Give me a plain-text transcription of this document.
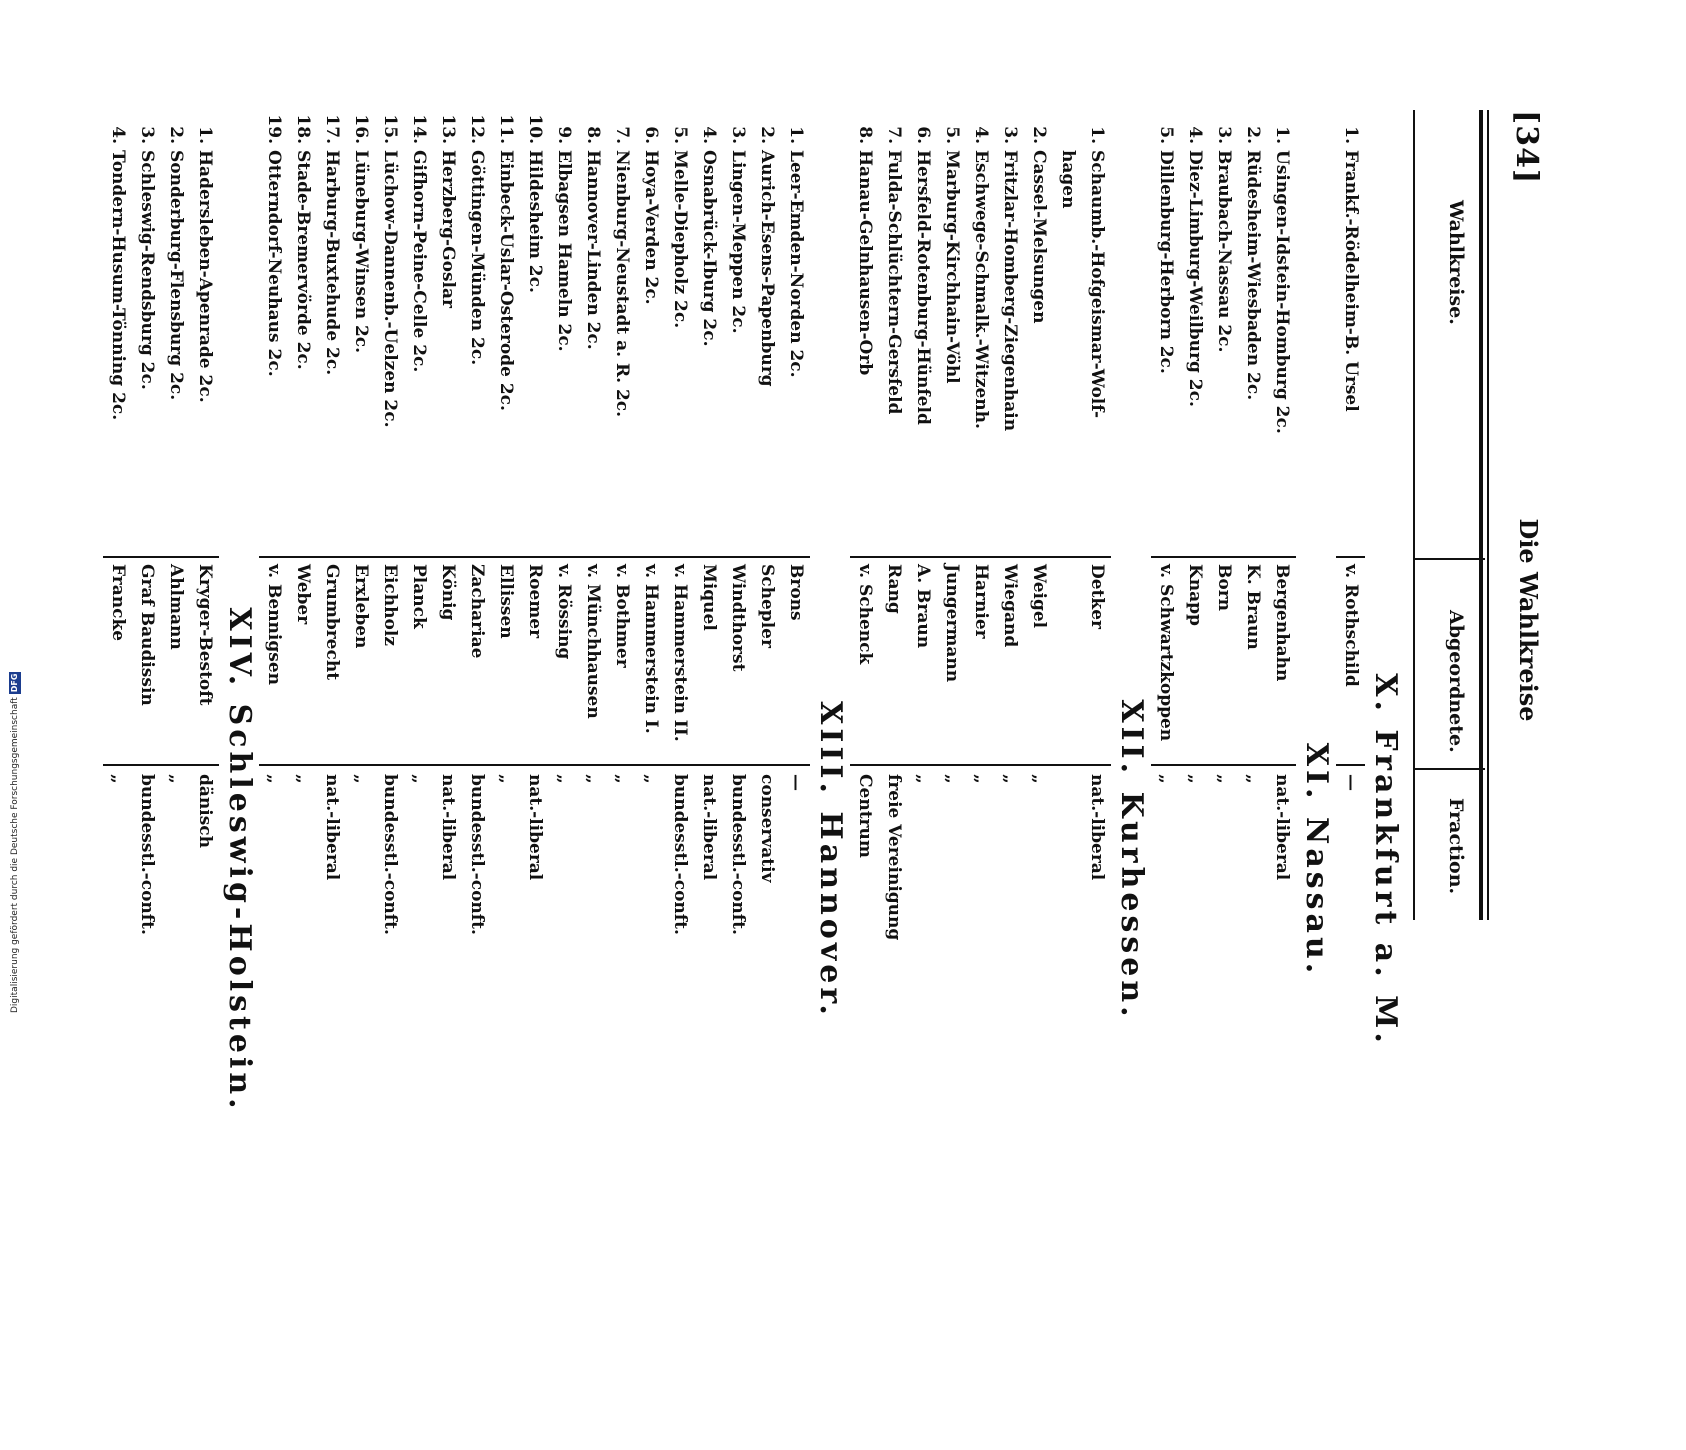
Digitalisierung gefördert durch die Deutsche Forschungsgemeinschaft
DFG
[34]
Die Wahlkreise
Wahlkreise.
Abgeordnete.
Fraction.
X. Frankfurt a. M.
1.
Frankf.-Rödelheim-B. Ursel
v. Rothschild
—
XI. Nassau.
1.
Usingen-Idstein-Homburg 2c.
Bergenhahn
nat.-liberal
2.
Rüdesheim-Wiesbaden 2c.
K. Braun
„
3.
Braubach-Nassau 2c.
Born
„
4.
Diez-Limburg-Weilburg 2c.
Knapp
„
5.
Dillenburg-Herborn 2c.
v. Schwartzkoppen
„
XII. Kurhessen.
1.
Schaumb.-Hofgeismar-Wolf-
Detker
nat.-liberal
hagen
2.
Cassel-Melsungen
Weigel
„
3.
Fritzlar-Homberg-Ziegenhain
Wiegand
„
4.
Eschwege-Schmalk.-Witzenh.
Harnier
„
5.
Marburg-Kirchhain-Vöhl
Jungermann
„
6.
Hersfeld-Rotenburg-Hünfeld
A. Braun
„
7.
Fulda-Schlüchtern-Gersfeld
Rang
freie Vereinigung
8.
Hanau-Gelnhausen-Orb
v. Schenck
Centrum
XIII. Hannover.
1.
Leer-Emden-Norden 2c.
Brons
—
2.
Aurich-Esens-Papenburg
Schepler
conservativ
3.
Lingen-Meppen 2c.
Windthorst
bundesstl.-conft.
4.
Osnabrück-Iburg 2c.
Miquel
nat.-liberal
5.
Melle-Diepholz 2c.
v. Hammerstein II.
bundesstl.-conft.
6.
Hoya-Verden 2c.
v. Hammerstein I.
„
7.
Nienburg-Neustadt a. R. 2c.
v. Bothmer
„
8.
Hannover-Linden 2c.
v. Münchhausen
„
9.
Elbagsen Hameln 2c.
v. Rössing
„
10.
Hildesheim 2c.
Roemer
nat.-liberal
11.
Einbeck-Uslar-Osterode 2c.
Ellissen
„
12.
Göttingen-Münden 2c.
Zachariae
bundesstl.-conft.
13.
Herzberg-Goslar
König
nat.-liberal
14.
Gifhorn-Peine-Celle 2c.
Planck
„
15.
Lüchow-Dannenb.-Uelzen 2c.
Eichholz
bundesstl.-conft.
16.
Lüneburg-Winsen 2c.
Erxleben
„
17.
Harburg-Buxtehude 2c.
Grumbrecht
nat.-liberal
18.
Stade-Bremervörde 2c.
Weber
„
19.
Otterndorf-Neuhaus 2c.
v. Bennigsen
„
XIV. Schleswig-Holstein.
1.
Hadersleben-Apenrade 2c.
Kryger-Bestoft
dänisch
2.
Sonderburg-Flensburg 2c.
Ahlmann
„
3.
Schleswig-Rendsburg 2c.
Graf Baudissin
bundesstl.-conft.
4.
Tondern-Husum-Tönning 2c.
Francke
„
